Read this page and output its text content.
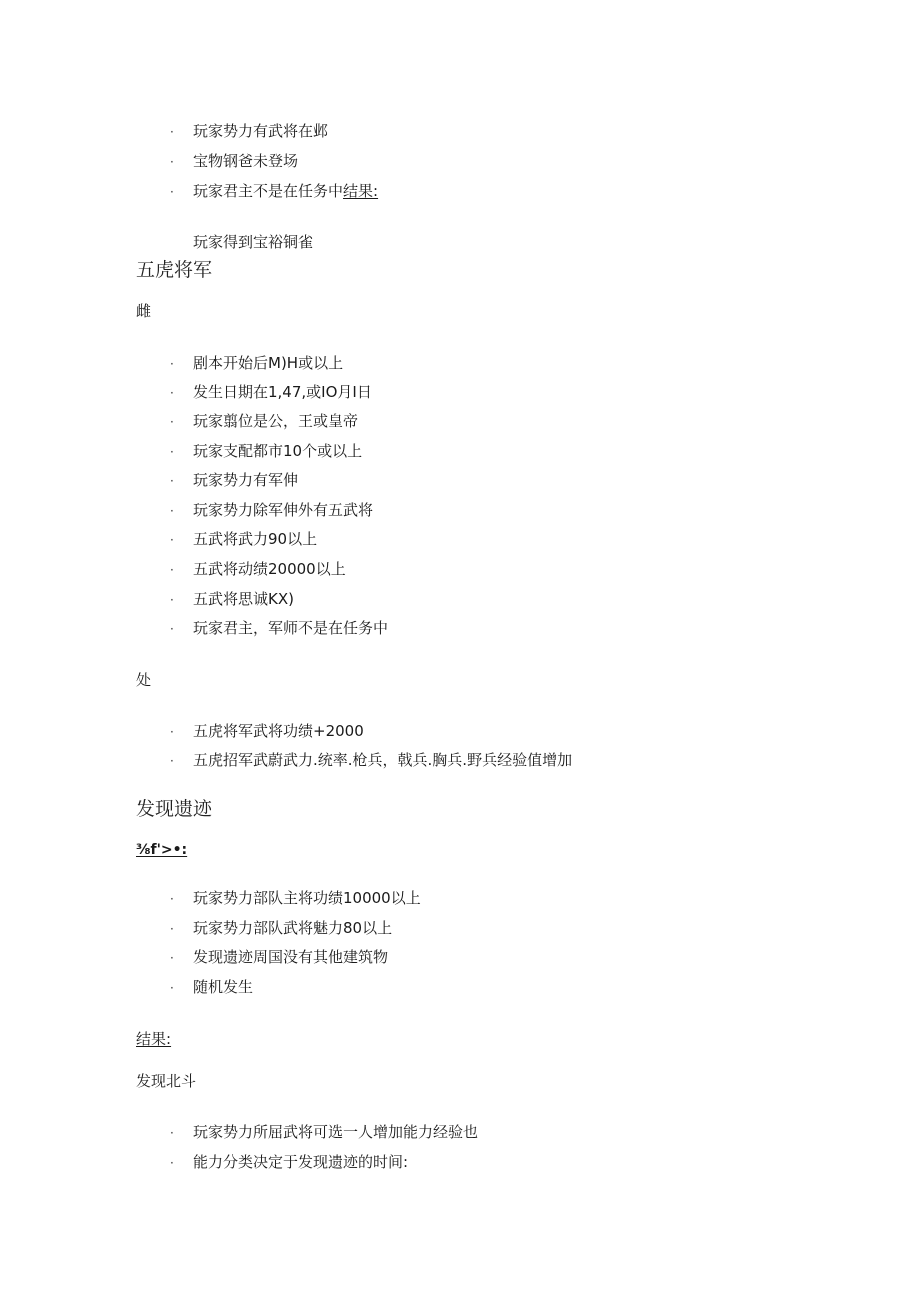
· 玩家势力有武将在邺
· 宝物钢爸未登场
· 玩家君主不是在任务中结果:
玩家得到宝裕铜雀
五虎将军
雌
· 剧本开始后M)H或以上
· 发生日期在1,47,或IO月I日
· 玩家翦位是公，王或皇帝
· 玩家支配都市10个或以上
· 玩家势力有军伸
· 玩家势力除军伸外有五武将
· 五武将武力90以上
· 五武将动绩20000以上
· 五武将思诚KX)
· 玩家君主，军师不是在任务中
处
· 五虎将军武将功绩+2000
· 五虎招军武蔚武力.统率.枪兵，戟兵.胸兵.野兵经验值增加
发现遗迹
⅜f'>•:
· 玩家势力部队主将功绩10000以上
· 玩家势力部队武将魅力80以上
· 发现遗迹周国没有其他建筑物
· 随机发生
结果:
发现北斗
· 玩家势力所屈武将可选一人增加能力经验也
· 能力分类决定于发现遗迹的时间:
